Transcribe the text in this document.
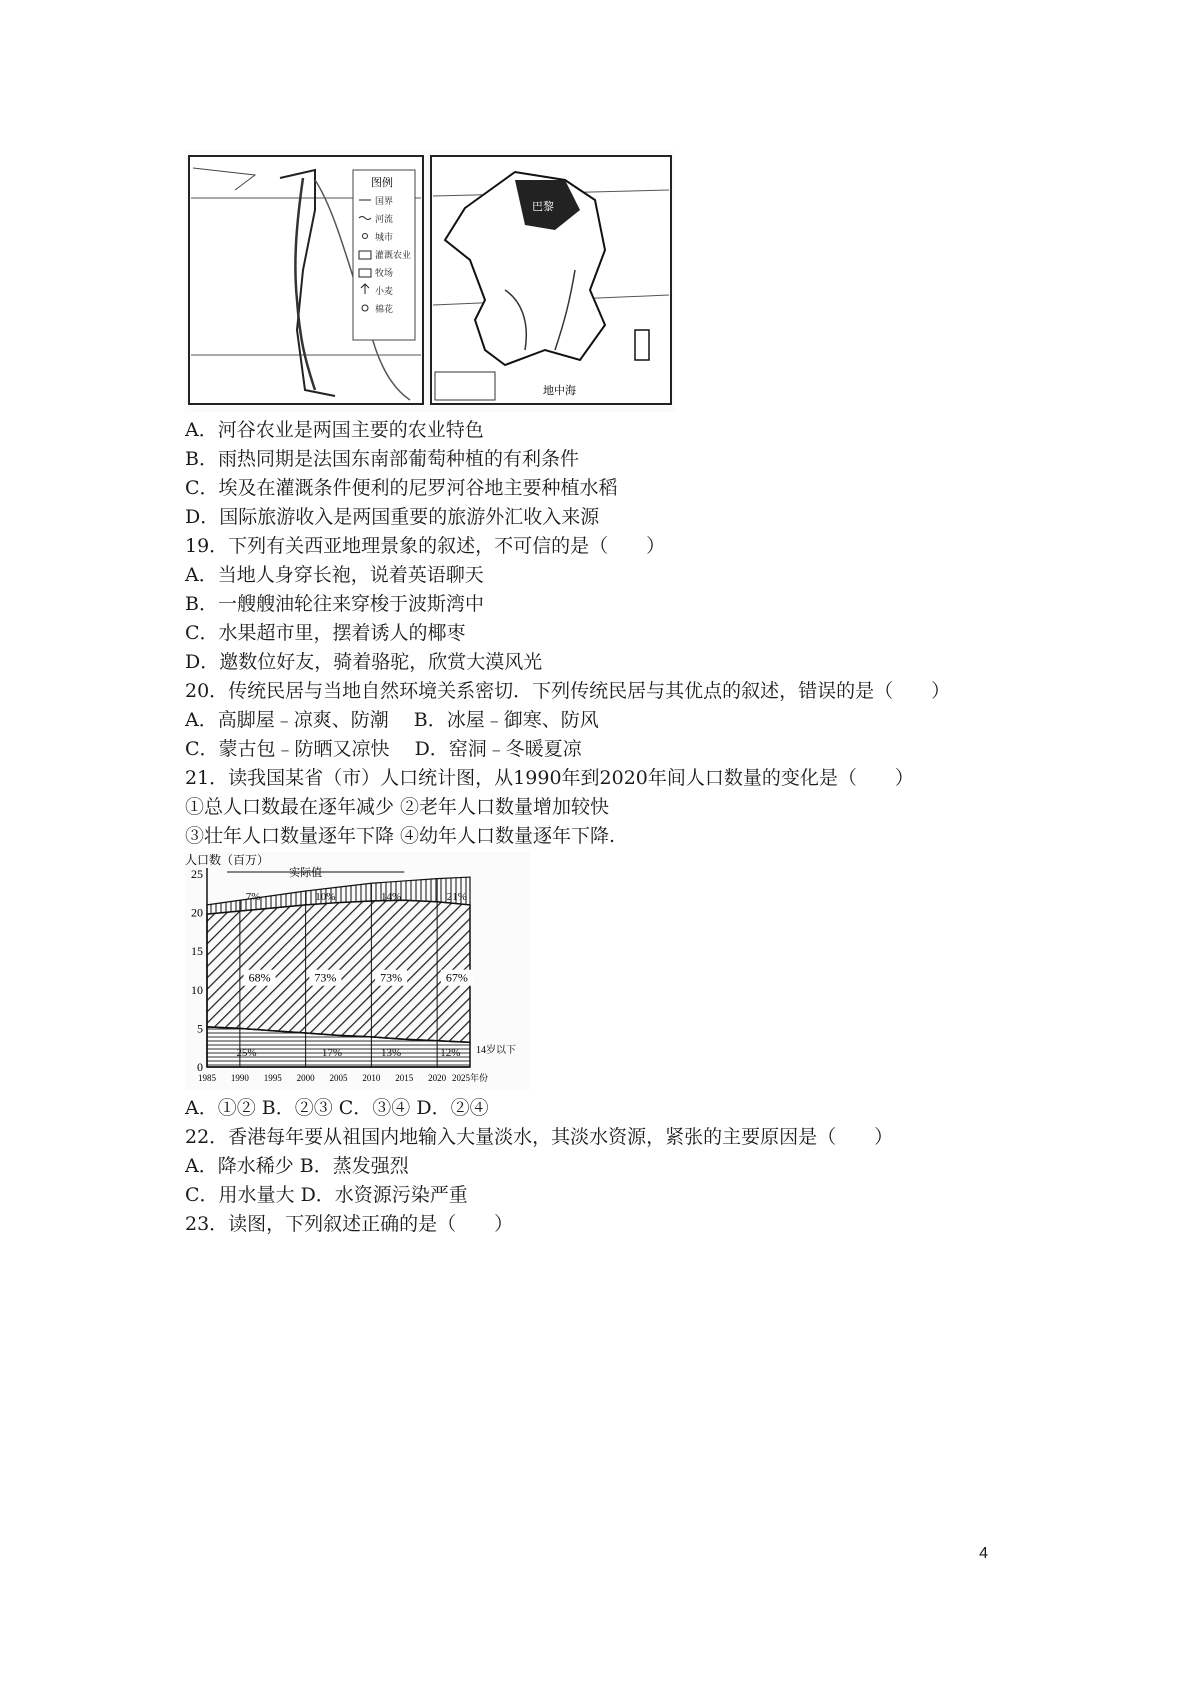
图例
国界
河流
城市
灌溉农业
牧场
小麦
棉花
巴黎
地中海
A．河谷农业是两国主要的农业特色
B．雨热同期是法国东南部葡萄种植的有利条件
C．埃及在灌溉条件便利的尼罗河谷地主要种植水稻
D．国际旅游收入是两国重要的旅游外汇收入来源
19．下列有关西亚地理景象的叙述，不可信的是（　　）
A．当地人身穿长袍，说着英语聊天
B．一艘艘油轮往来穿梭于波斯湾中
C．水果超市里，摆着诱人的椰枣
D．邀数位好友，骑着骆驼，欣赏大漠风光
20．传统民居与当地自然环境关系密切．下列传统民居与其优点的叙述，错误的是（　　）
A．高脚屋﹣凉爽、防潮　 B．冰屋﹣御寒、防风
C．蒙古包﹣防晒又凉快　 D．窑洞﹣冬暖夏凉
21．读我国某省（市）人口统计图，从1990年到2020年间人口数量的变化是（　　）
①总人口数最在逐年减少 ②老年人口数量增加较快
③壮年人口数量逐年下降 ④幼年人口数量逐年下降.
人口数（百万）
0
5
10
15
20
25
1985 1990 1995 2000 2005 2010 2015 2020 2025年份
实际值
7%	10%	14%	21%
68%	73%	73%	67%
25%	17%	13%	12% 14岁以下
A．①② B．②③ C．③④ D．②④
22．香港每年要从祖国内地输入大量淡水，其淡水资源，紧张的主要原因是（　　）
A．降水稀少 B．蒸发强烈
C．用水量大 D．水资源污染严重
23．读图，下列叙述正确的是（　　）
4
